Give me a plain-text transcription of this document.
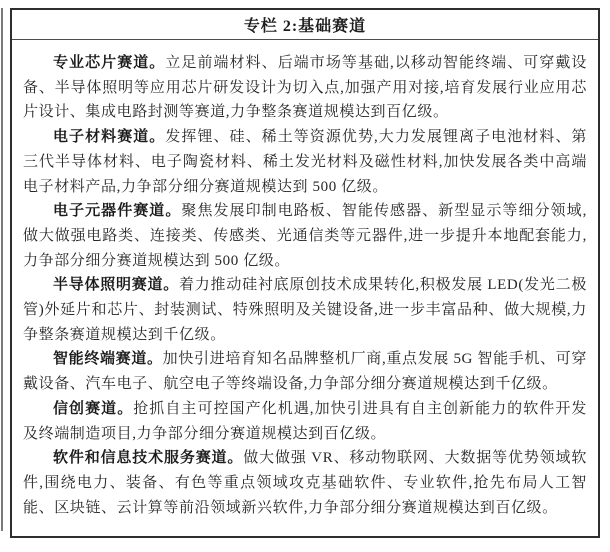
专栏 2:基础赛道

专业芯片赛道。立足前端材料、后端市场等基础,以移动智能终端、可穿戴设备、半导体照明等应用芯片研发设计为切入点,加强产用对接,培育发展行业应用芯片设计、集成电路封测等赛道,力争整条赛道规模达到百亿级。

电子材料赛道。发挥锂、硅、稀土等资源优势,大力发展锂离子电池材料、第三代半导体材料、电子陶瓷材料、稀土发光材料及磁性材料,加快发展各类中高端电子材料产品,力争部分细分赛道规模达到 500 亿级。

电子元器件赛道。聚焦发展印制电路板、智能传感器、新型显示等细分领域,做大做强电路类、连接类、传感类、光通信类等元器件,进一步提升本地配套能力,力争部分细分赛道规模达到 500 亿级。

半导体照明赛道。着力推动硅衬底原创技术成果转化,积极发展 LED(发光二极管)外延片和芯片、封装测试、特殊照明及关键设备,进一步丰富品种、做大规模,力争整条赛道规模达到千亿级。

智能终端赛道。加快引进培育知名品牌整机厂商,重点发展 5G 智能手机、可穿戴设备、汽车电子、航空电子等终端设备,力争部分细分赛道规模达到千亿级。

信创赛道。抢抓自主可控国产化机遇,加快引进具有自主创新能力的软件开发及终端制造项目,力争部分细分赛道规模达到百亿级。

软件和信息技术服务赛道。做大做强 VR、移动物联网、大数据等优势领域软件,围绕电力、装备、有色等重点领域攻克基础软件、专业软件,抢先布局人工智能、区块链、云计算等前沿领域新兴软件,力争部分细分赛道规模达到百亿级。
